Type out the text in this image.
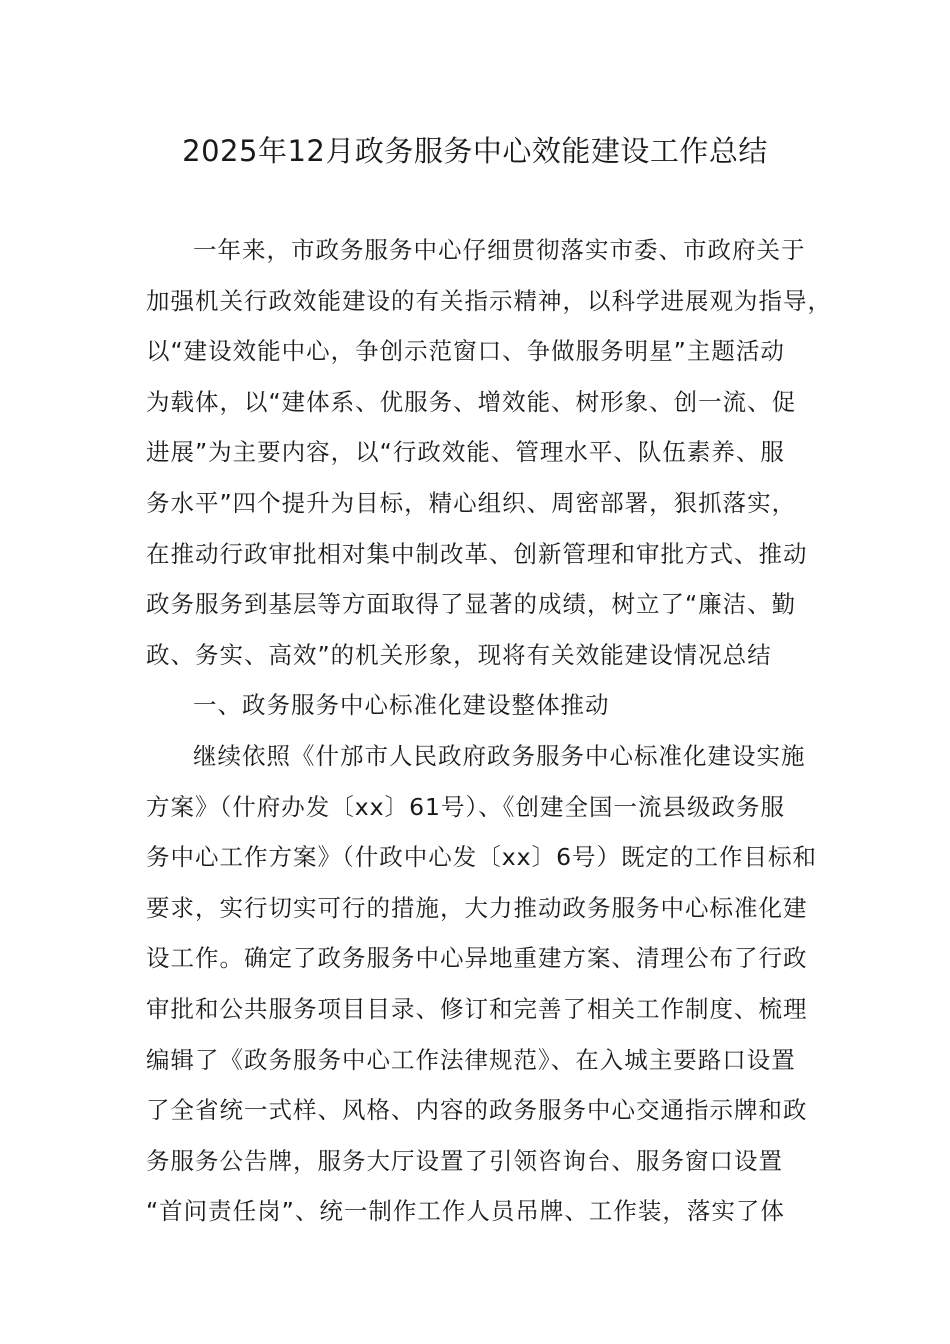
2025年12月政务服务中心效能建设工作总结
一年来，市政务服务中心仔细贯彻落实市委、市政府关于
加强机关行政效能建设的有关指示精神，以科学进展观为指导，
以“建设效能中心，争创示范窗口、争做服务明星”主题活动
为载体，以“建体系、优服务、增效能、树形象、创一流、促
进展”为主要内容，以“行政效能、管理水平、队伍素养、服
务水平”四个提升为目标，精心组织、周密部署，狠抓落实，
在推动行政审批相对集中制改革、创新管理和审批方式、推动
政务服务到基层等方面取得了显著的成绩，树立了“廉洁、勤
政、务实、高效”的机关形象，现将有关效能建设情况总结
一、政务服务中心标准化建设整体推动
继续依照《什邡市人民政府政务服务中心标准化建设实施
方案》（什府办发〔xx〕61号）、《创建全国一流县级政务服
务中心工作方案》（什政中心发〔xx〕6号）既定的工作目标和
要求，实行切实可行的措施，大力推动政务服务中心标准化建
设工作。确定了政务服务中心异地重建方案、清理公布了行政
审批和公共服务项目目录、修订和完善了相关工作制度、梳理
编辑了《政务服务中心工作法律规范》、在入城主要路口设置
了全省统一式样、风格、内容的政务服务中心交通指示牌和政
务服务公告牌，服务大厅设置了引领咨询台、服务窗口设置
“首问责任岗”、统一制作工作人员吊牌、工作装，落实了体
